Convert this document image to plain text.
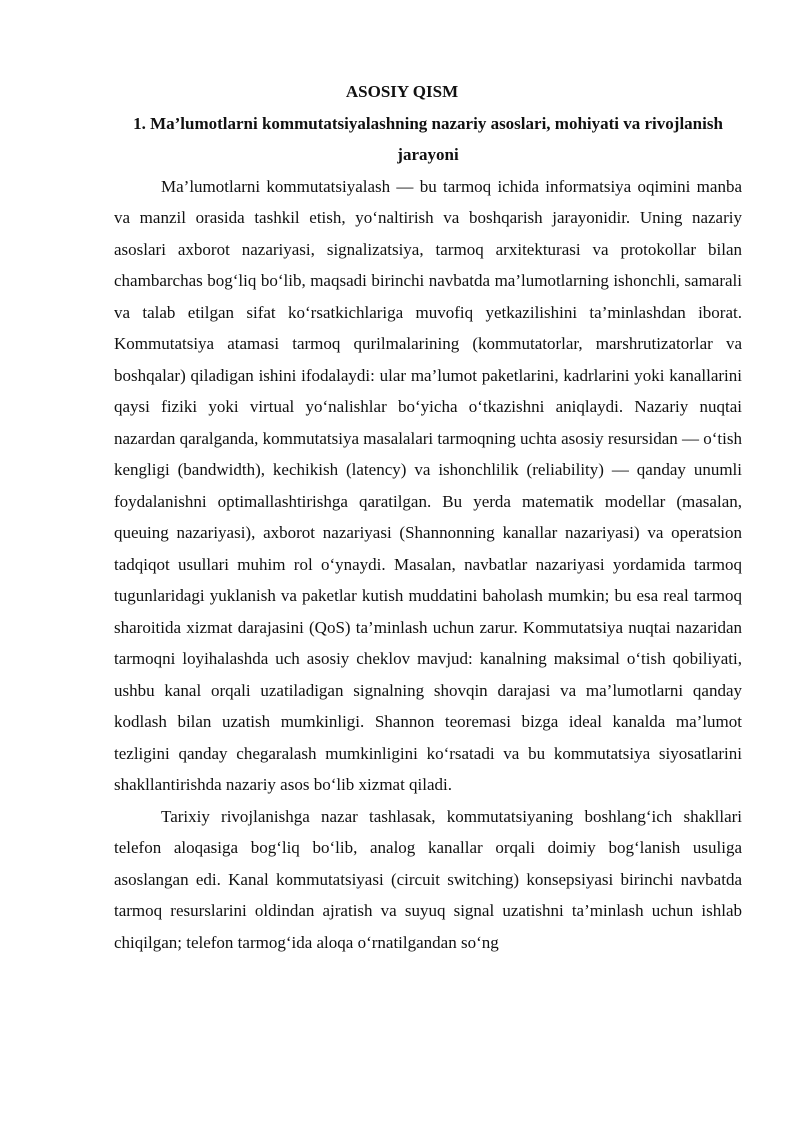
ASOSIY QISM

1. Ma’lumotlarni kommutatsiyalashning nazariy asoslari, mohiyati va rivojlanish jarayoni

Ma’lumotlarni kommutatsiyalash — bu tarmoq ichida informatsiya oqimini manba va manzil orasida tashkil etish, yo‘naltirish va boshqarish jarayonidir. Uning nazariy asoslari axborot nazariyasi, signalizatsiya, tarmoq arxitekturasi va protokollar bilan chambarchas bog‘liq bo‘lib, maqsadi birinchi navbatda ma’lumotlarning ishonchli, samarali va talab etilgan sifat ko‘rsatkichlariga muvofiq yetkazilishini ta’minlashdan iborat. Kommutatsiya atamasi tarmoq qurilmalarining (kommutatorlar, marshrutizatorlar va boshqalar) qiladigan ishini ifodalaydi: ular ma’lumot paketlarini, kadrlarini yoki kanallarini qaysi fiziki yoki virtual yo‘nalishlar bo‘yicha o‘tkazishni aniqlaydi. Nazariy nuqtai nazardan qaralganda, kommutatsiya masalalari tarmoqning uchta asosiy resursidan — o‘tish kengligi (bandwidth), kechikish (latency) va ishonchlilik (reliability) — qanday unumli foydalanishni optimallashtirishga qaratilgan. Bu yerda matematik modellar (masalan, queuing nazariyasi), axborot nazariyasi (Shannonning kanallar nazariyasi) va operatsion tadqiqot usullari muhim rol o‘ynaydi. Masalan, navbatlar nazariyasi yordamida tarmoq tugunlaridagi yuklanish va paketlar kutish muddatini baholash mumkin; bu esa real tarmoq sharoitida xizmat darajasini (QoS) ta’minlash uchun zarur. Kommutatsiya nuqtai nazaridan tarmoqni loyihalashda uch asosiy cheklov mavjud: kanalning maksimal o‘tish qobiliyati, ushbu kanal orqali uzatiladigan signalning shovqin darajasi va ma’lumotlarni qanday kodlash bilan uzatish mumkinligi. Shannon teoremasi bizga ideal kanalda ma’lumot tezligini qanday chegaralash mumkinligini ko‘rsatadi va bu kommutatsiya siyosatlarini shakllantirishda nazariy asos bo‘lib xizmat qiladi.

Tarixiy rivojlanishga nazar tashlasak, kommutatsiyaning boshlang‘ich shakllari telefon aloqasiga bog‘liq bo‘lib, analog kanallar orqali doimiy bog‘lanish usuliga asoslangan edi. Kanal kommutatsiyasi (circuit switching) konsepsiyasi birinchi navbatda tarmoq resurslarini oldindan ajratish va suyuq signal uzatishni ta’minlash uchun ishlab chiqilgan; telefon tarmog‘ida aloqa o‘rnatilgandan so‘ng
